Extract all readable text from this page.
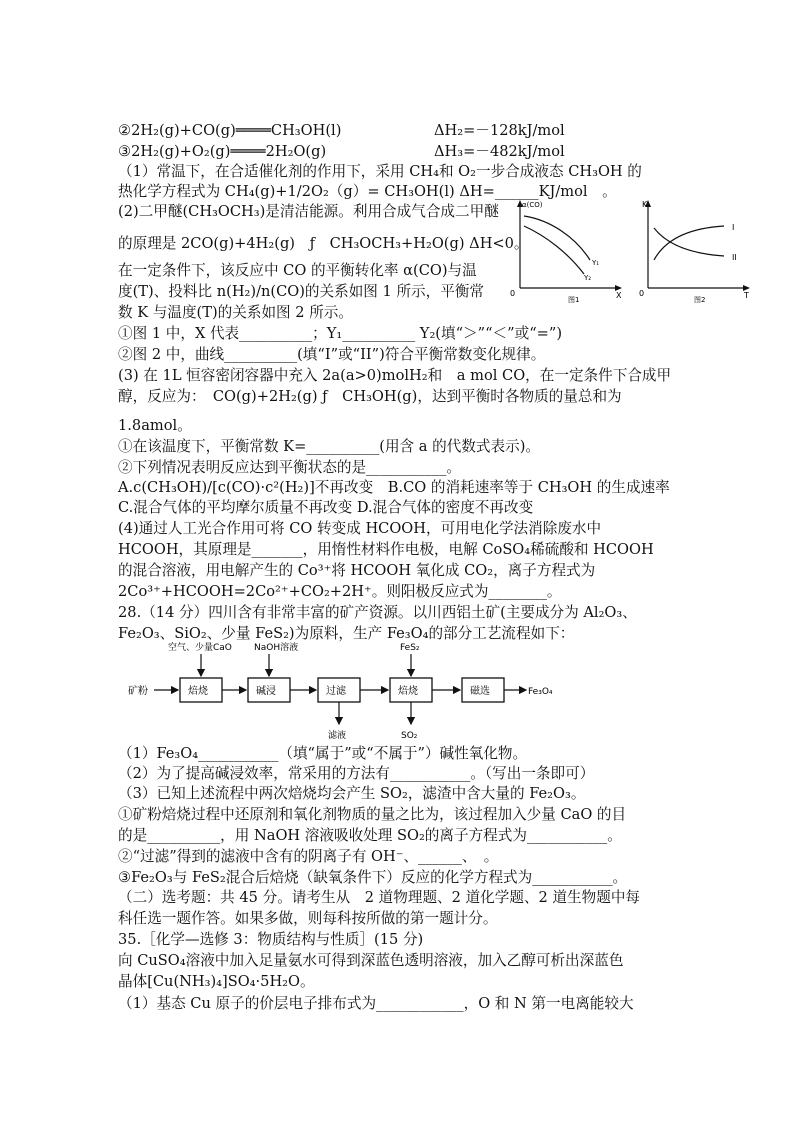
②2H₂(g)+CO(g)════CH₃OH(l)	ΔH₂=－128kJ/mol
③2H₂(g)+O₂(g)════2H₂O(g)	ΔH₃=－482kJ/mol
（1）常温下，在合适催化剂的作用下，采用 CH₄和 O₂一步合成液态 CH₃OH 的
热化学方程式为 CH₄(g)+1/2O₂（g）= CH₃OH(l) ΔH=______KJ/mol　。
(2)二甲醚(CH₃OCH₃)是清洁能源。利用合成气合成二甲醚
的原理是 2CO(g)+4H₂(g)　ƒ　CH₃OCH₃+H₂O(g) ΔH<0。
在一定条件下，该反应中 CO 的平衡转化率 α(CO)与温
度(T)、投料比 n(H₂)/n(CO)的关系如图 1 所示，平衡常
数 K 与温度(T)的关系如图 2 所示。
α(CO)
0	X
Y₁
Y₂
图1
K
0	T
I
II
图2
①图 1 中，X 代表__________；Y₁__________ Y₂(填“＞”“＜”或“=”)
②图 2 中，曲线__________(填“I”或“II”)符合平衡常数变化规律。
(3) 在 1L 恒容密闭容器中充入 2a(a>0)molH₂和　a mol CO，在一定条件下合成甲
醇，反应为：　CO(g)+2H₂(g) ƒ　CH₃OH(g)，达到平衡时各物质的量总和为
1.8amol。
①在该温度下，平衡常数 K=__________(用含 a 的代数式表示)。
②下列情况表明反应达到平衡状态的是___________。
A.c(CH₃OH)/[c(CO)·c²(H₂)]不再改变　B.CO 的消耗速率等于 CH₃OH 的生成速率
C.混合气体的平均摩尔质量不再改变 D.混合气体的密度不再改变
(4)通过人工光合作用可将 CO 转变成 HCOOH，可用电化学法消除废水中
HCOOH，其原理是_______，用惰性材料作电极，电解 CoSO₄稀硫酸和 HCOOH
的混合溶液，用电解产生的 Co³⁺将 HCOOH 氧化成 CO₂，离子方程式为
2Co³⁺+HCOOH=2Co²⁺+CO₂+2H⁺。则阳极反应式为________。
28.（14 分）四川含有非常丰富的矿产资源。以川西铝土矿(主要成分为 Al₂O₃、
Fe₂O₃、SiO₂、少量 FeS₂)为原料，生产 Fe₃O₄的部分工艺流程如下：
矿粉	焙烧	碱浸	过滤	焙烧	磁选	Fe₃O₄
空气、少量CaO NaOH溶液	FeS₂
滤液	SO₂
（1）Fe₃O₄___________（填“属于”或“不属于”）碱性氧化物。
（2）为了提高碱浸效率，常采用的方法有___________。（写出一条即可）
（3）已知上述流程中两次焙烧均会产生 SO₂，滤渣中含大量的 Fe₂O₃。
①矿粉焙烧过程中还原剂和氧化剂物质的量之比为，该过程加入少量 CaO 的目
的是__________，用 NaOH 溶液吸收处理 SO₂的离子方程式为___________。
②“过滤”得到的滤液中含有的阴离子有 OH⁻、______、　。
③Fe₂O₃与 FeS₂混合后焙烧（缺氧条件下）反应的化学方程式为___________。
（二）选考题：共 45 分。请考生从　2 道物理题、2 道化学题、2 道生物题中每
科任选一题作答。如果多做，则每科按所做的第一题计分。
35.［化学—选修 3：物质结构与性质］(15 分)
向 CuSO₄溶液中加入足量氨水可得到深蓝色透明溶液，加入乙醇可析出深蓝色
晶体[Cu(NH₃)₄]SO₄·5H₂O。
（1）基态 Cu 原子的价层电子排布式为____________，O 和 N 第一电离能较大
